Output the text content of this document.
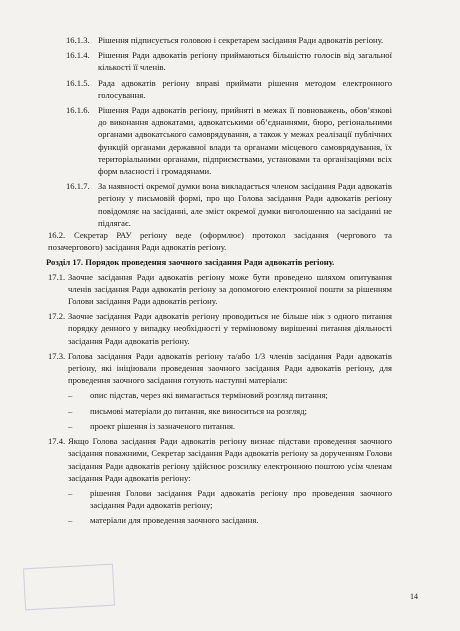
16.1.3. Рішення підписується головою і секретарем засідання Ради адвокатів регіону.
16.1.4. Рішення Ради адвокатів регіону приймаються більшістю голосів від загальної кількості її членів.
16.1.5. Рада адвокатів регіону вправі приймати рішення методом електронного голосування.
16.1.6. Рішення Ради адвокатів регіону, прийняті в межах її повноважень, обов’язкові до виконання адвокатами, адвокатськими об’єднаннями, бюро, регіональними органами адвокатського самоврядування, а також у межах реалізації публічних функцій органами державної влади та органами місцевого самоврядування, їх територіальними органами, підприємствами, установами та організаціями всіх форм власності і громадянами.
16.1.7. За наявності окремої думки вона викладається членом засідання Ради адвокатів регіону у письмовій формі, про що Голова засідання Ради адвокатів регіону повідомляє на засіданні, але зміст окремої думки виголошенню на засіданні не підлягає.
16.2.	Секретар РАУ регіону веде (оформлює) протокол засідання (чергового та позачергового) засідання Ради адвокатів регіону.
Розділ 17. Порядок проведення заочного засідання Ради адвокатів регіону.
17.1. Заочне засідання Ради адвокатів регіону може бути проведено шляхом опитування членів засідання Ради адвокатів регіону за допомогою електронної пошти за рішенням Голови засідання Ради адвокатів регіону.
17.2. Заочне засідання Ради адвокатів регіону проводиться не більше ніж з одного питання порядку денного у випадку необхідності у терміновому вирішенні питання діяльності засідання Ради адвокатів регіону.
17.3. Голова засідання Ради адвокатів регіону та/або 1/3 членів засідання Ради адвокатів регіону, які ініціювали проведення заочного засідання Ради адвокатів регіону, для проведення заочного засідання готують наступні матеріали:
– опис підстав, через які вимагається терміновий розгляд питання;
– письмові матеріали до питання, яке виноситься на розгляд;
– проект рішення із зазначеного питання.
17.4. Якщо Голова засідання Ради адвокатів регіону визнає підстави проведення заочного засідання поважними, Секретар засідання Ради адвокатів регіону за дорученням Голови засідання Ради адвокатів регіону здійснює розсилку електронною поштою усім членам засідання Ради адвокатів регіону:
– рішення Голови засідання Ради адвокатів регіону про проведення заочного засідання Ради адвокатів регіону;
– матеріали для проведення заочного засідання.
14
